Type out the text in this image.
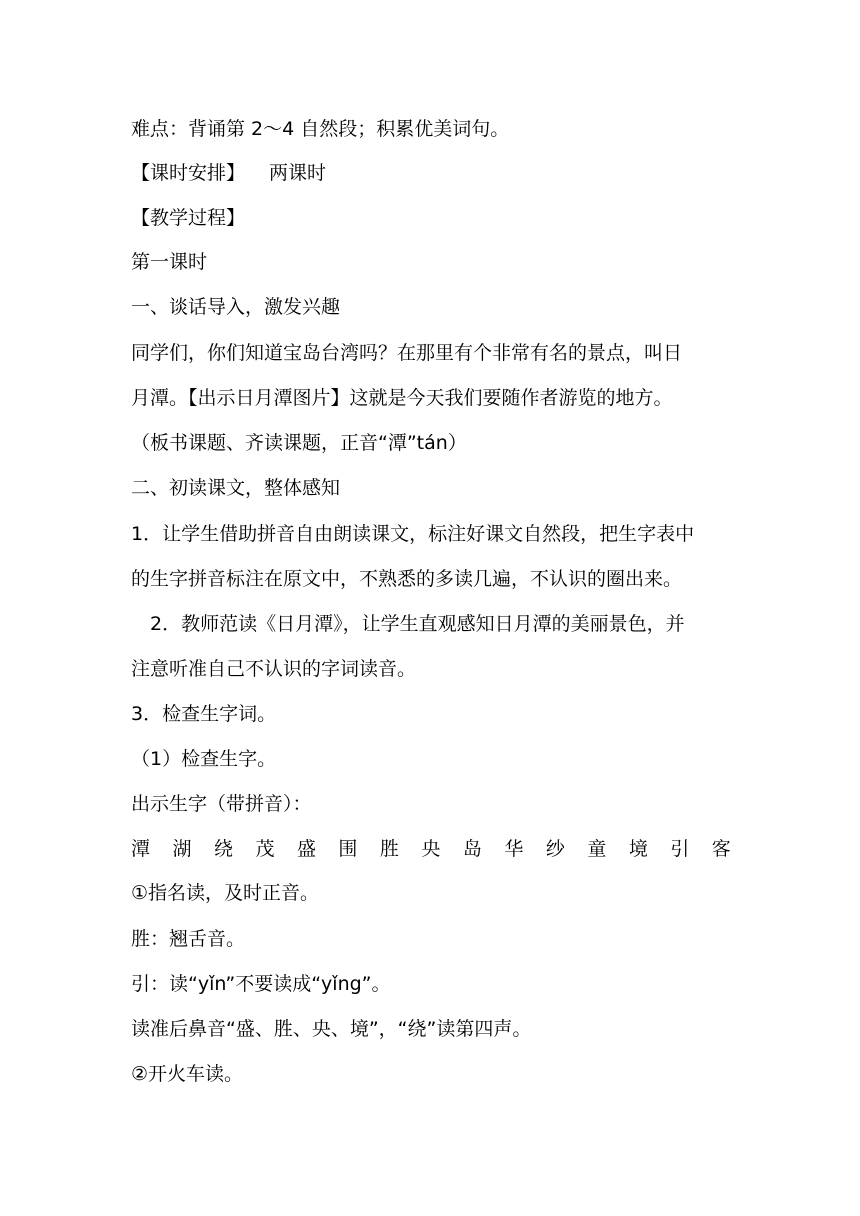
难点：背诵第 2～4 自然段；积累优美词句。
【课时安排】 两课时
【教学过程】
第一课时
一、谈话导入，激发兴趣
同学们，你们知道宝岛台湾吗？在那里有个非常有名的景点，叫日
月潭。【出示日月潭图片】这就是今天我们要随作者游览的地方。
（板书课题、齐读课题，正音“潭”tán）
二、初读课文，整体感知
1．让学生借助拼音自由朗读课文，标注好课文自然段，把生字表中
的生字拼音标注在原文中，不熟悉的多读几遍，不认识的圈出来。
2．教师范读《日月潭》，让学生直观感知日月潭的美丽景色，并
注意听准自己不认识的字词读音。
3．检查生字词。
（1）检查生字。
出示生字（带拼音）：
潭 湖 绕 茂 盛 围 胜 央 岛 华 纱 童 境 引 客
①指名读，及时正音。
胜：翘舌音。
引：读“yǐn”不要读成“yǐng”。
读准后鼻音“盛、胜、央、境”，“绕”读第四声。
②开火车读。
